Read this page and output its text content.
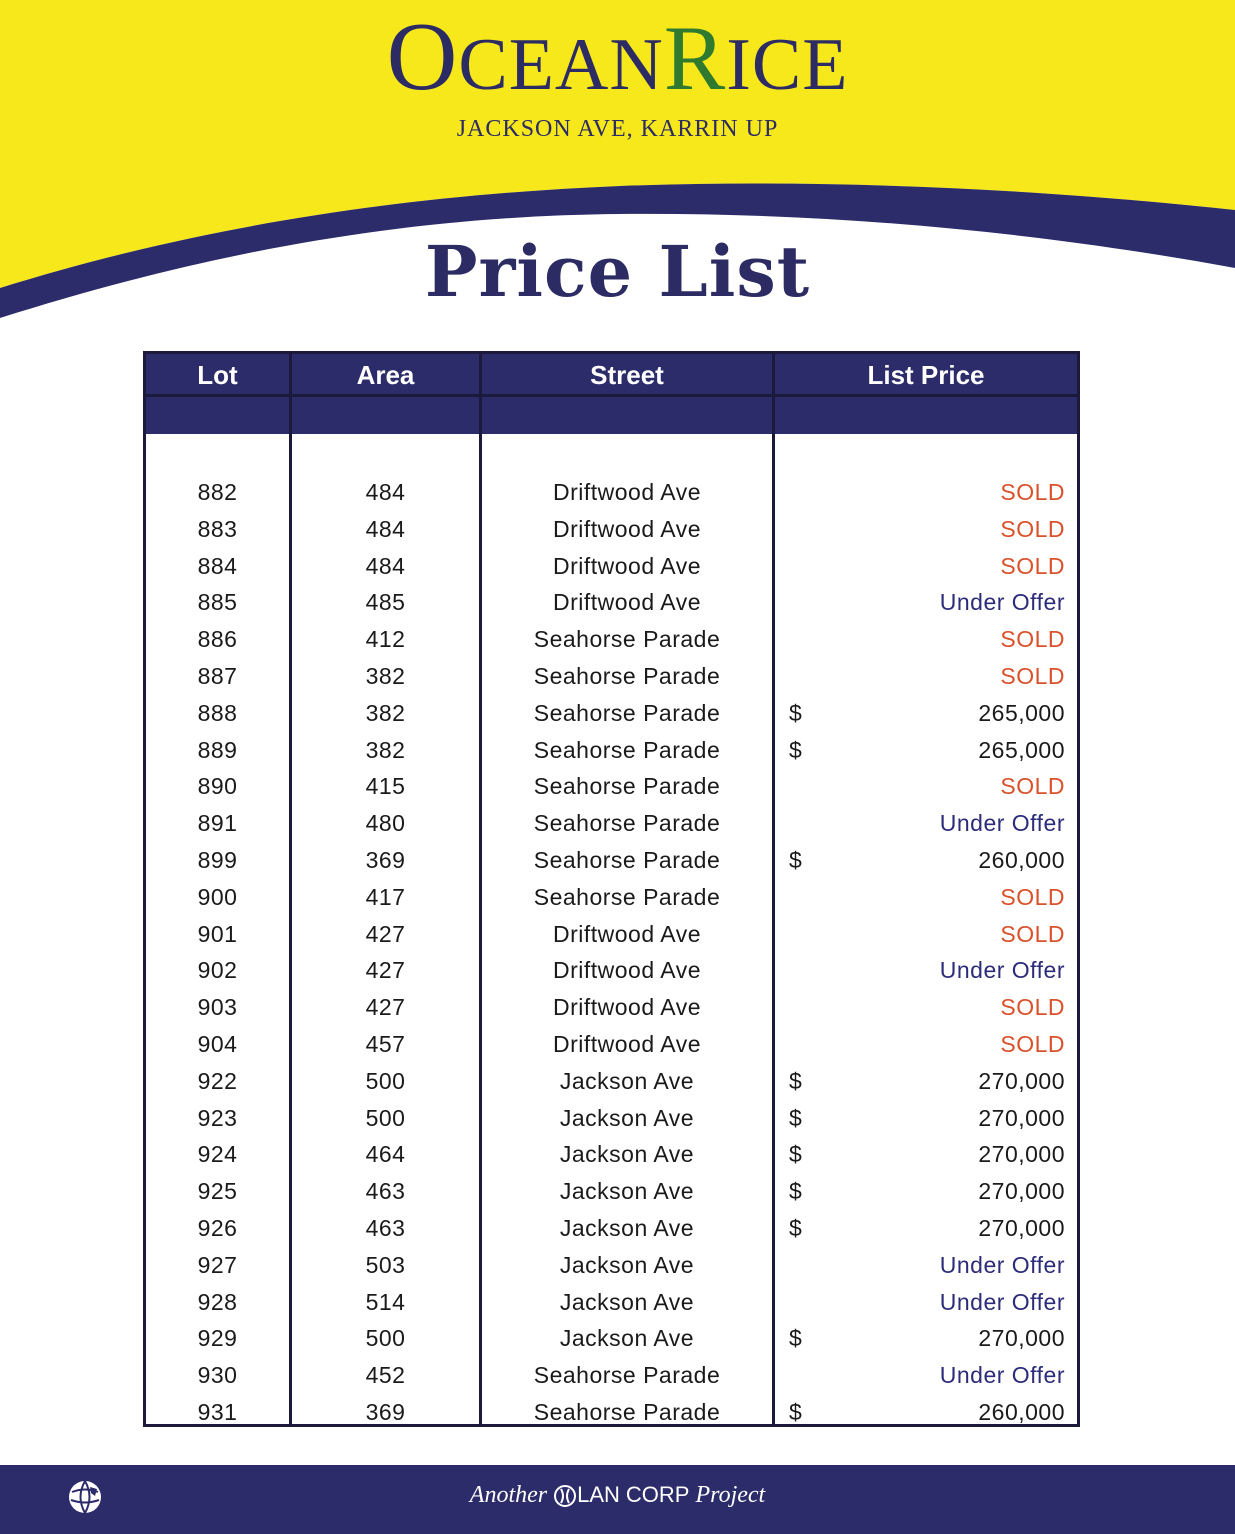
OCEANRICE
JACKSON AVE, KARRIN UP
Price List
Lot	Area	Street	List Price
882	484	Driftwood Ave	SOLD
883	484	Driftwood Ave	SOLD
884	484	Driftwood Ave	SOLD
885	485	Driftwood Ave	Under Offer
886	412	Seahorse Parade	SOLD
887	382	Seahorse Parade	SOLD
888	382	Seahorse Parade	$	265,000
889	382	Seahorse Parade	$	265,000
890	415	Seahorse Parade	SOLD
891	480	Seahorse Parade	Under Offer
899	369	Seahorse Parade	$	260,000
900	417	Seahorse Parade	SOLD
901	427	Driftwood Ave	SOLD
902	427	Driftwood Ave	Under Offer
903	427	Driftwood Ave	SOLD
904	457	Driftwood Ave	SOLD
922	500	Jackson Ave	$	270,000
923	500	Jackson Ave	$	270,000
924	464	Jackson Ave	$	270,000
925	463	Jackson Ave	$	270,000
926	463	Jackson Ave	$	270,000
927	503	Jackson Ave	Under Offer
928	514	Jackson Ave	Under Offer
929	500	Jackson Ave	$	270,000
930	452	Seahorse Parade	Under Offer
931	369	Seahorse Parade	$	260,000
Another LAN CORP Project
